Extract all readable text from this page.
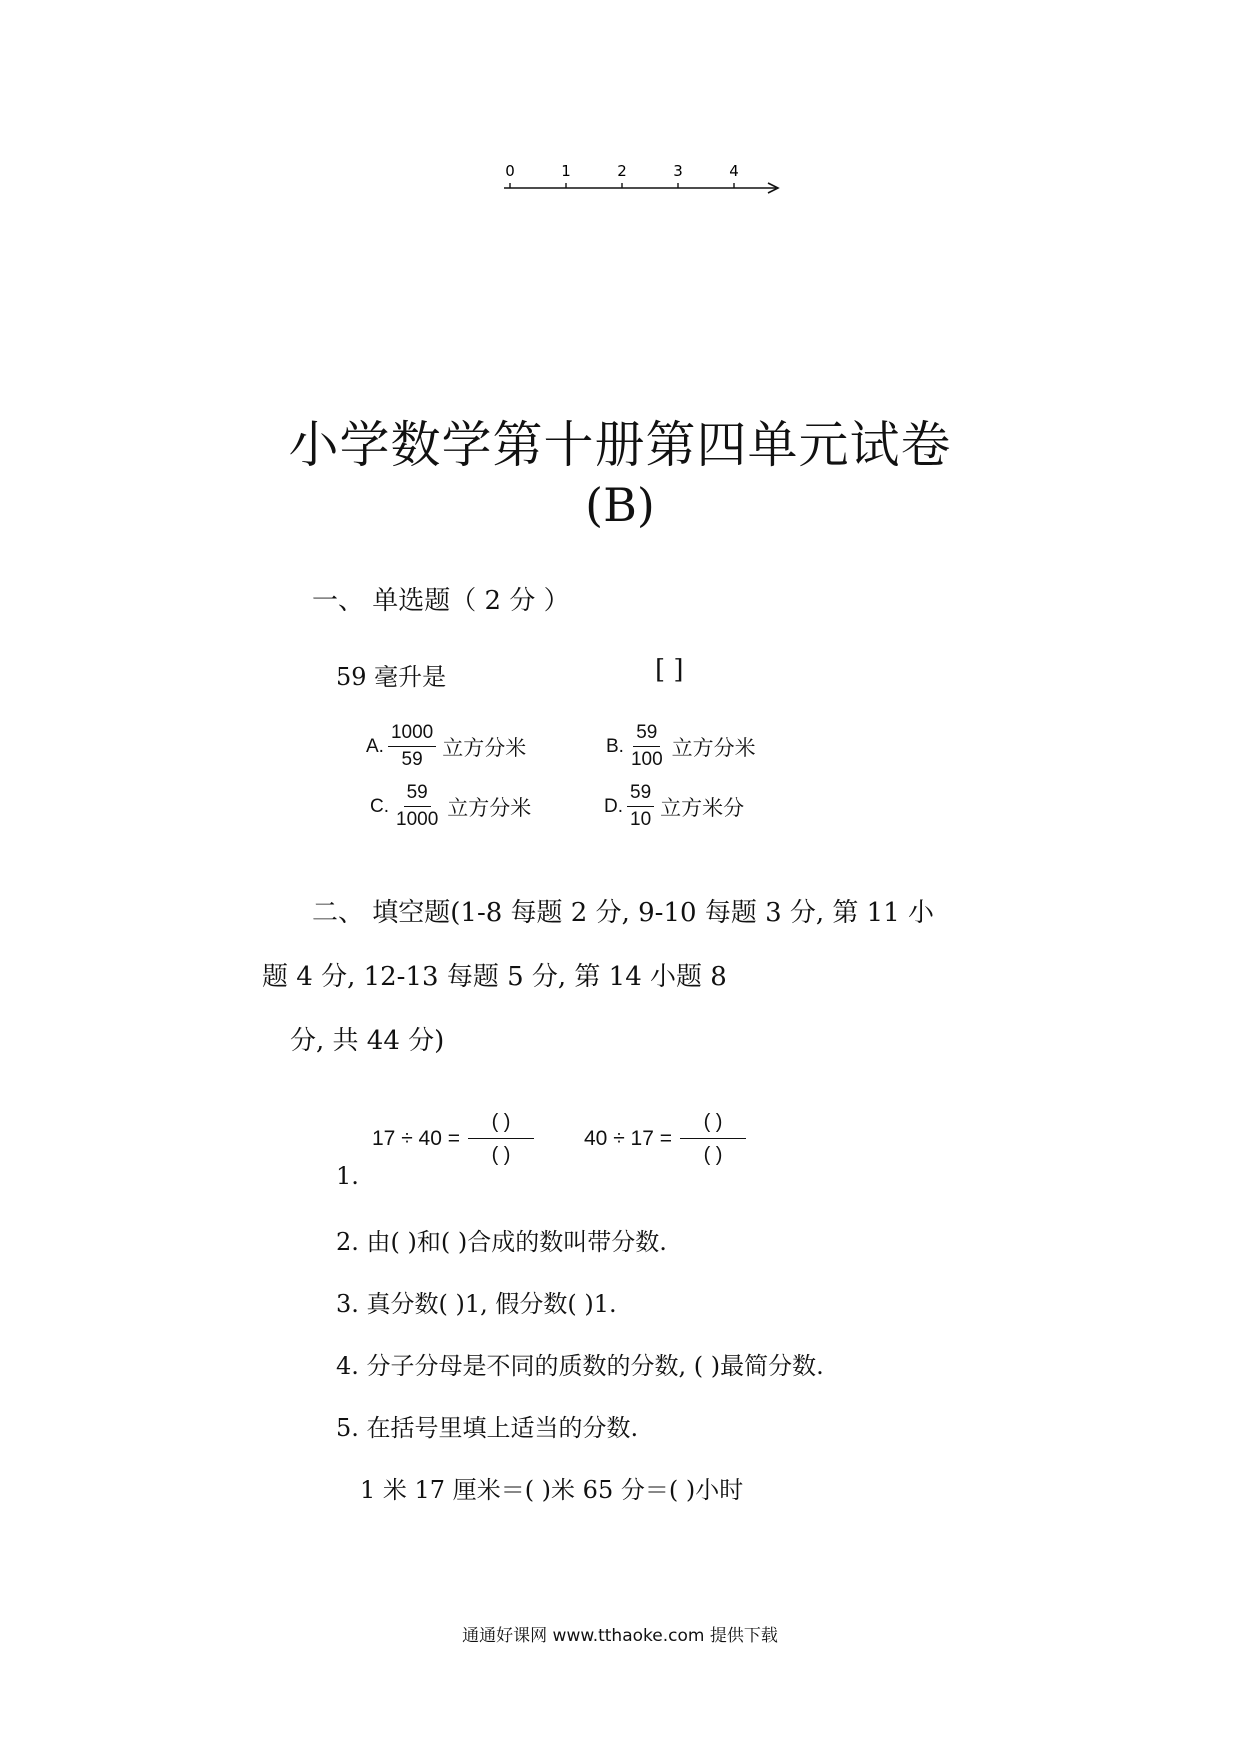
0	1	2	3	4
小学数学第十册第四单元试卷
(B)
一、 单选题（ 2 分 ）
59 毫升是	[ ]
A. $\frac{1000}{59}$ 立方分米	B. $\frac{59}{100}$ 立方分米
C. $\frac{59}{1000}$ 立方分米	D. $\frac{59}{10}$ 立方米分
二、 填空题(1-8 每题 2 分, 9-10 每题 3 分, 第 11 小
题 4 分, 12-13 每题 5 分, 第 14 小题 8
分, 共 44 分)
1.
$17 \div 40 = \frac{( )}{( )} 40 \div 17 = \frac{( )}{( )}$
2. 由( )和( )合成的数叫带分数.
3. 真分数( )1, 假分数( )1.
4. 分子分母是不同的质数的分数, ( )最简分数.
5. 在括号里填上适当的分数.
1 米 17 厘米＝( )米 65 分＝( )小时
通通好课网 www.tthaoke.com 提供下载
